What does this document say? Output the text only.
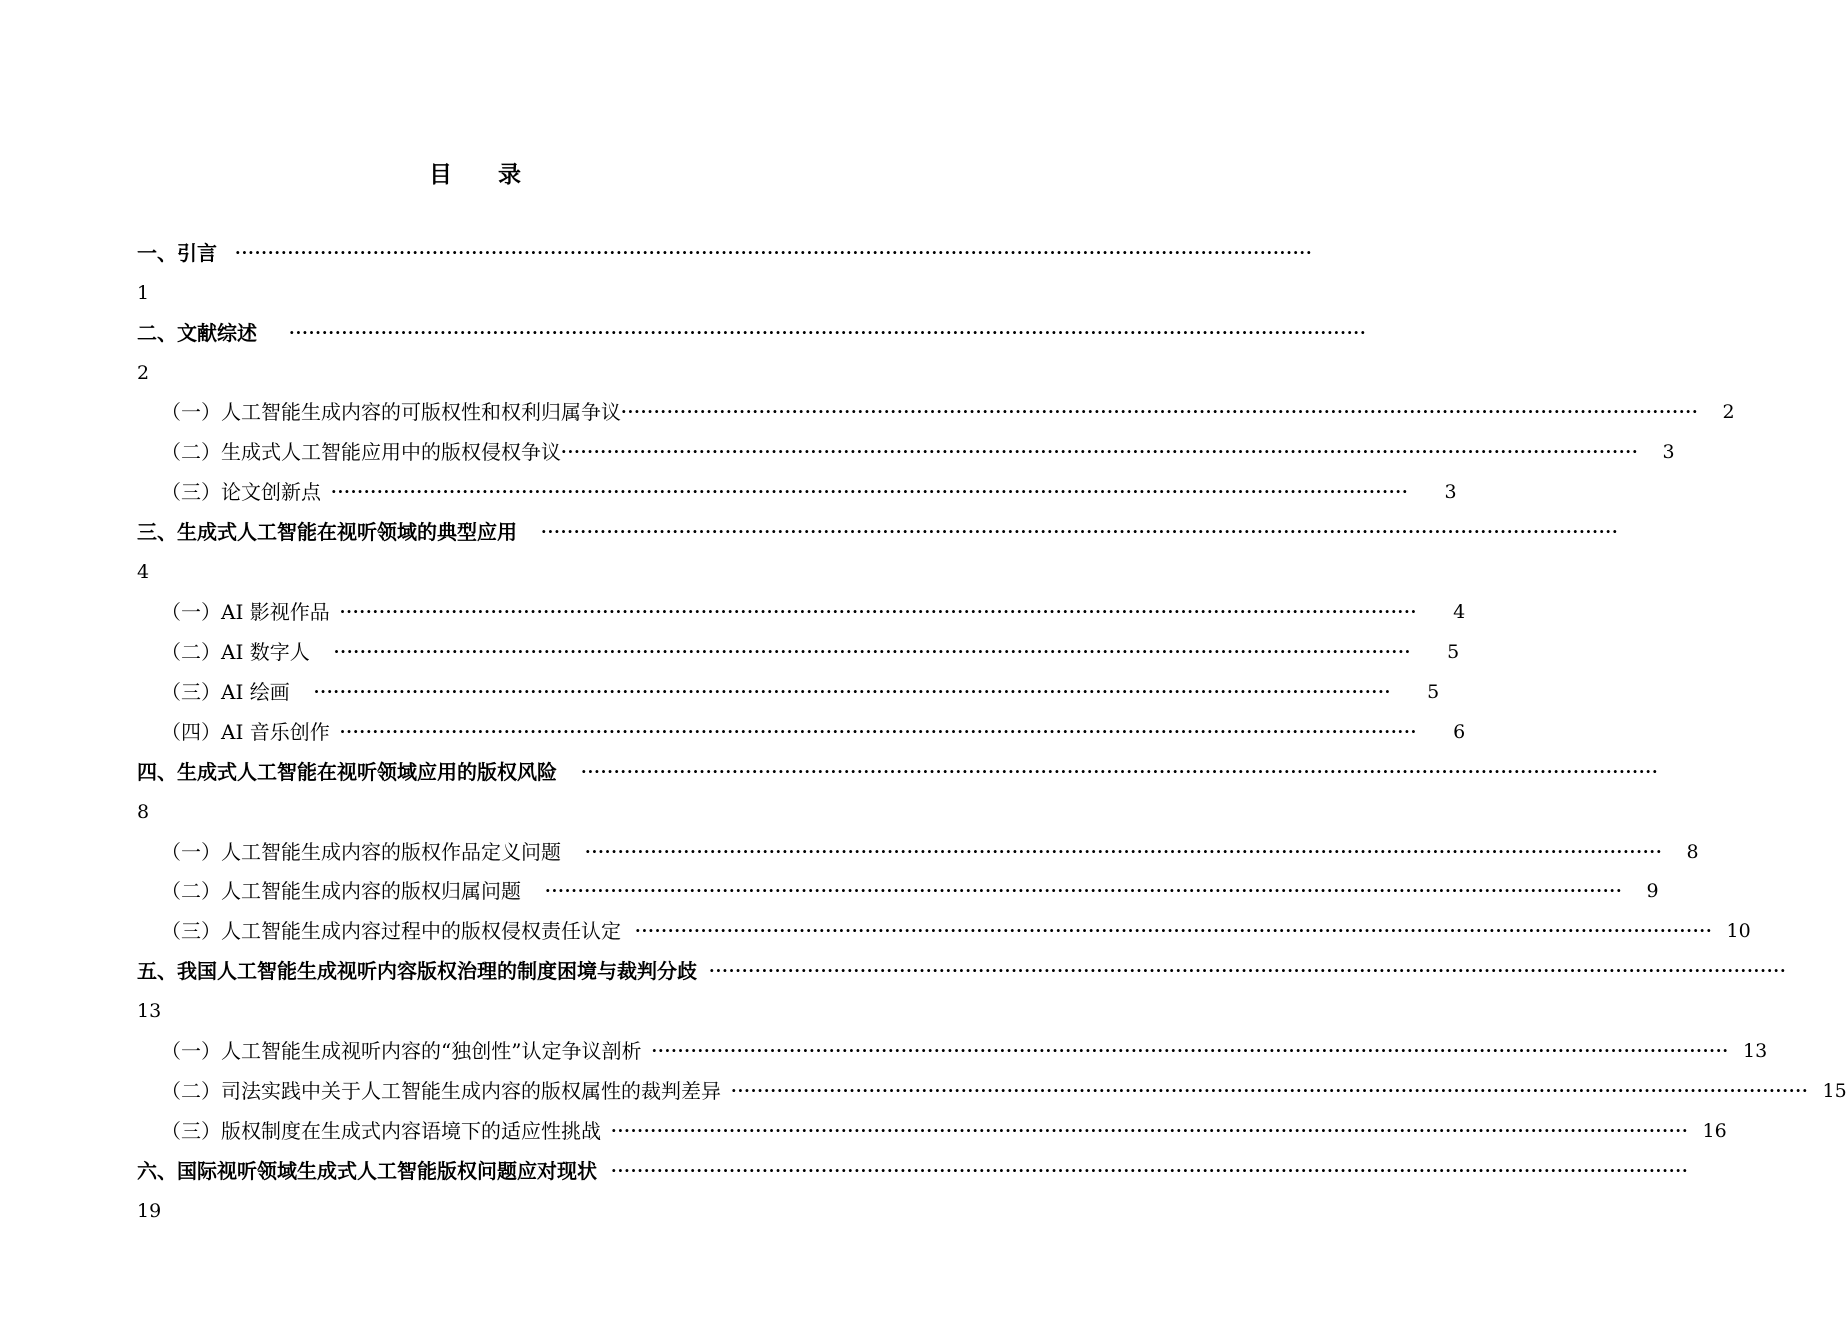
目 录
一、引言 ····································································································································································
1
二、文献综述 ····································································································································································
2
（一）人工智能生成内容的可版权性和权利归属争议 ····································································································································································	2
（二）生成式人工智能应用中的版权侵权争议 ····································································································································································	3
（三）论文创新点 ····································································································································································	3
三、生成式人工智能在视听领域的典型应用 ····································································································································································
4
（一）AI 影视作品 ····································································································································································	4
（二）AI 数字人 ····································································································································································	5
（三）AI 绘画 ····································································································································································	5
（四）AI 音乐创作 ····································································································································································	6
四、生成式人工智能在视听领域应用的版权风险 ····································································································································································
8
（一）人工智能生成内容的版权作品定义问题 ····································································································································································	8
（二）人工智能生成内容的版权归属问题 ····································································································································································	9
（三）人工智能生成内容过程中的版权侵权责任认定 ···································································································································································· 10
五、我国人工智能生成视听内容版权治理的制度困境与裁判分歧 ····································································································································································
13
（一）人工智能生成视听内容的“独创性”认定争议剖析 ···································································································································································· 13
（二）司法实践中关于人工智能生成内容的版权属性的裁判差异 ···································································································································································· 15
（三）版权制度在生成式内容语境下的适应性挑战 ···································································································································································· 16
六、国际视听领域生成式人工智能版权问题应对现状 ····································································································································································
19
